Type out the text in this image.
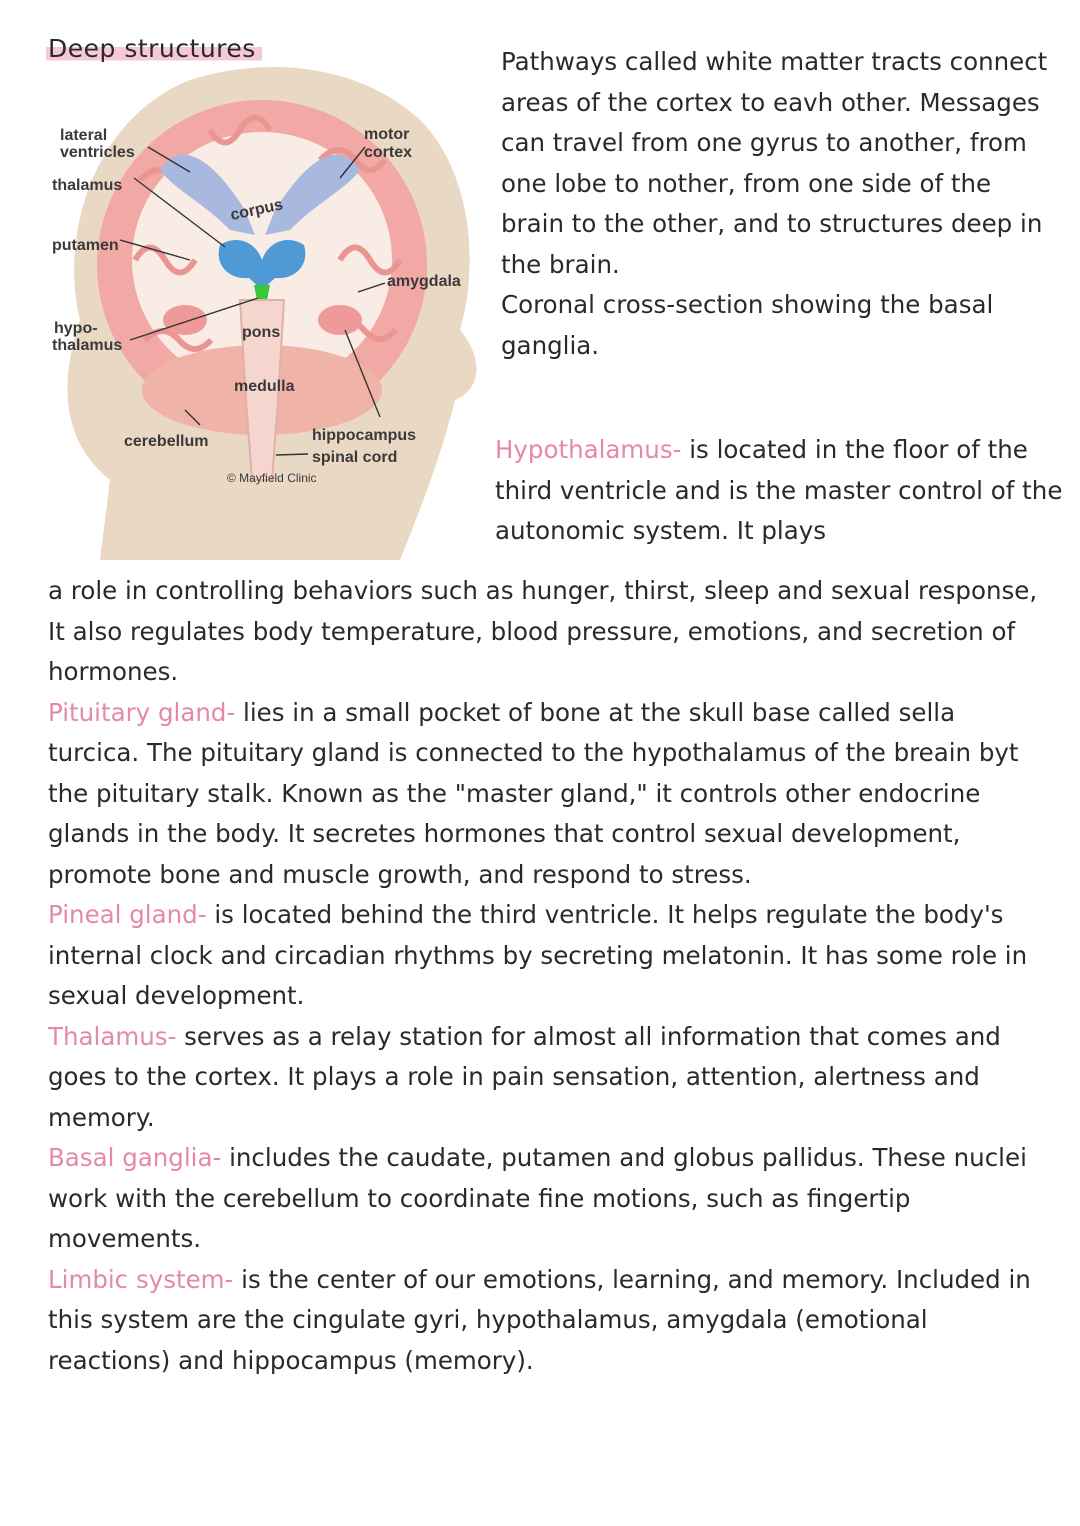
Deep structures
lateral
ventricles
thalamus
putamen
hypo-
thalamus
motor
cortex
corpus
amygdala
pons
medulla
cerebellum	hippocampus
spinal cord
© Mayfield Clinic
Pathways called white matter tracts connect areas of the cortex to eavh other. Messages can travel from one gyrus to another, from one lobe to nother, from one side of the brain to the other, and to structures deep in the brain.
Coronal cross-section showing the basal ganglia.
Hypothalamus- is located in the floor of the third ventricle and is the master control of the autonomic system. It plays

a role in controlling behaviors such as hunger, thirst, sleep and sexual response, It also regulates body temperature, blood pressure, emotions, and secretion of hormones.

Pituitary gland- lies in a small pocket of bone at the skull base called sella turcica. The pituitary gland is connected to the hypothalamus of the breain byt the pituitary stalk. Known as the "master gland," it controls other endocrine glands in the body. It secretes hormones that control sexual development, promote bone and muscle growth, and respond to stress.

Pineal gland- is located behind the third ventricle. It helps regulate the body's internal clock and circadian rhythms by secreting melatonin. It has some role in sexual development.

Thalamus- serves as a relay station for almost all information that comes and goes to the cortex. It plays a role in pain sensation, attention, alertness and memory.

Basal ganglia- includes the caudate, putamen and globus pallidus. These nuclei work with the cerebellum to coordinate fine motions, such as fingertip movements.

Limbic system- is the center of our emotions, learning, and memory. Included in this system are the cingulate gyri, hypothalamus, amygdala (emotional reactions) and hippocampus (memory).
